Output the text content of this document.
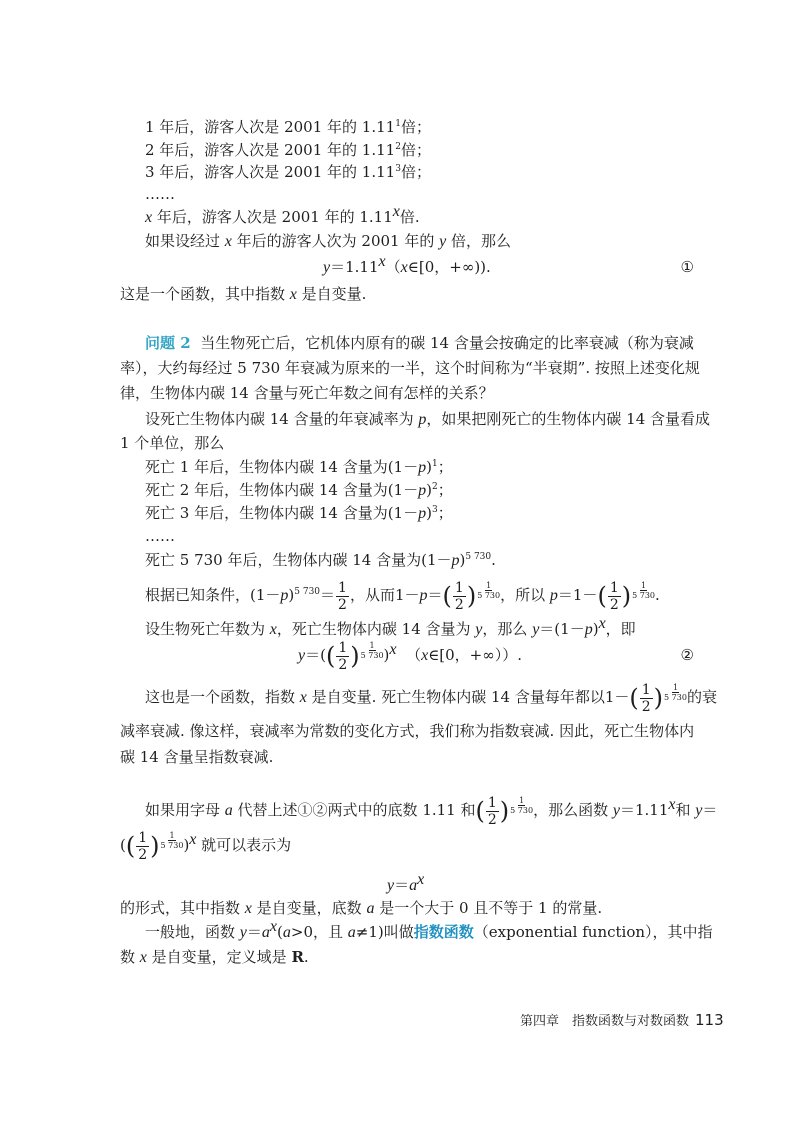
1 年后，游客人次是 2001 年的 1.11$^1$倍；
2 年后，游客人次是 2001 年的 1.11$^2$倍；
3 年后，游客人次是 2001 年的 1.11$^3$倍；
……
x 年后，游客人次是 2001 年的 1.11$^x$倍.
如果设经过 x 年后的游客人次为 2001 年的 y 倍，那么
$y=1.11^x(x\in[0$，+∞)).	①
这是一个函数，其中指数 x 是自变量.
问题 2 当生物死亡后，它机体内原有的碳 14 含量会按确定的比率衰减（称为衰减
率），大约每经过 5 730 年衰减为原来的一半，这个时间称为“半衰期”. 按照上述变化规
律，生物体内碳 14 含量与死亡年数之间有怎样的关系？
设死亡生物体内碳 14 含量的年衰减率为 p，如果把刚死亡的生物体内碳 14 含量看成
1 个单位，那么
死亡 1 年后，生物体内碳 14 含量为$(1-p)^1$；
死亡 2 年后，生物体内碳 14 含量为$(1-p)^2$；
死亡 3 年后，生物体内碳 14 含量为$(1-p)^3$；
……
死亡 5 730 年后，生物体内碳 14 含量为$(1-p)^{5 730}$.
根据已知条件，$(1-p)^{5 730}= \frac{1}{2}$ ，从而$1-p=( \frac{1}{2}$ ) $\frac{1}{5 730}$ ，所以 $p=1-( \frac{1}{2}$ ) $\frac{1}{5 730}$ .
设生物死亡年数为 x，死亡生物体内碳 14 含量为 y，那么 $y=(1-p)^x$，即
$y=(( \frac{1}{2}$ ) $\frac{1}{5 730} )^x$ （x∈[0，+∞））.	②
这也是一个函数，指数 x 是自变量. 死亡生物体内碳 14 含量每年都以$1-( \frac{1}{2}$ ) $\frac{1}{5 730}$ 的衰
减率衰减. 像这样，衰减率为常数的变化方式，我们称为指数衰减. 因此，死亡生物体内
碳 14 含量呈指数衰减.
如果用字母 a 代替上述①②两式中的底数 1.11 和( $\frac{1}{2}$ ) $\frac{1}{5 730}$ ，那么函数 $y=1.11^x$和 y＝
(( $\frac{1}{2}$ ) $\frac{1}{5 730} )^x$ 就可以表示为
$y=a^x$
的形式，其中指数 x 是自变量，底数 a 是一个大于 0 且不等于 1 的常量.
一般地，函数 $y=a^x(a>0$，且 a≠1)叫做指数函数（exponential function），其中指
数 x 是自变量，定义域是 R.
第四章　指数函数与对数函数 113
